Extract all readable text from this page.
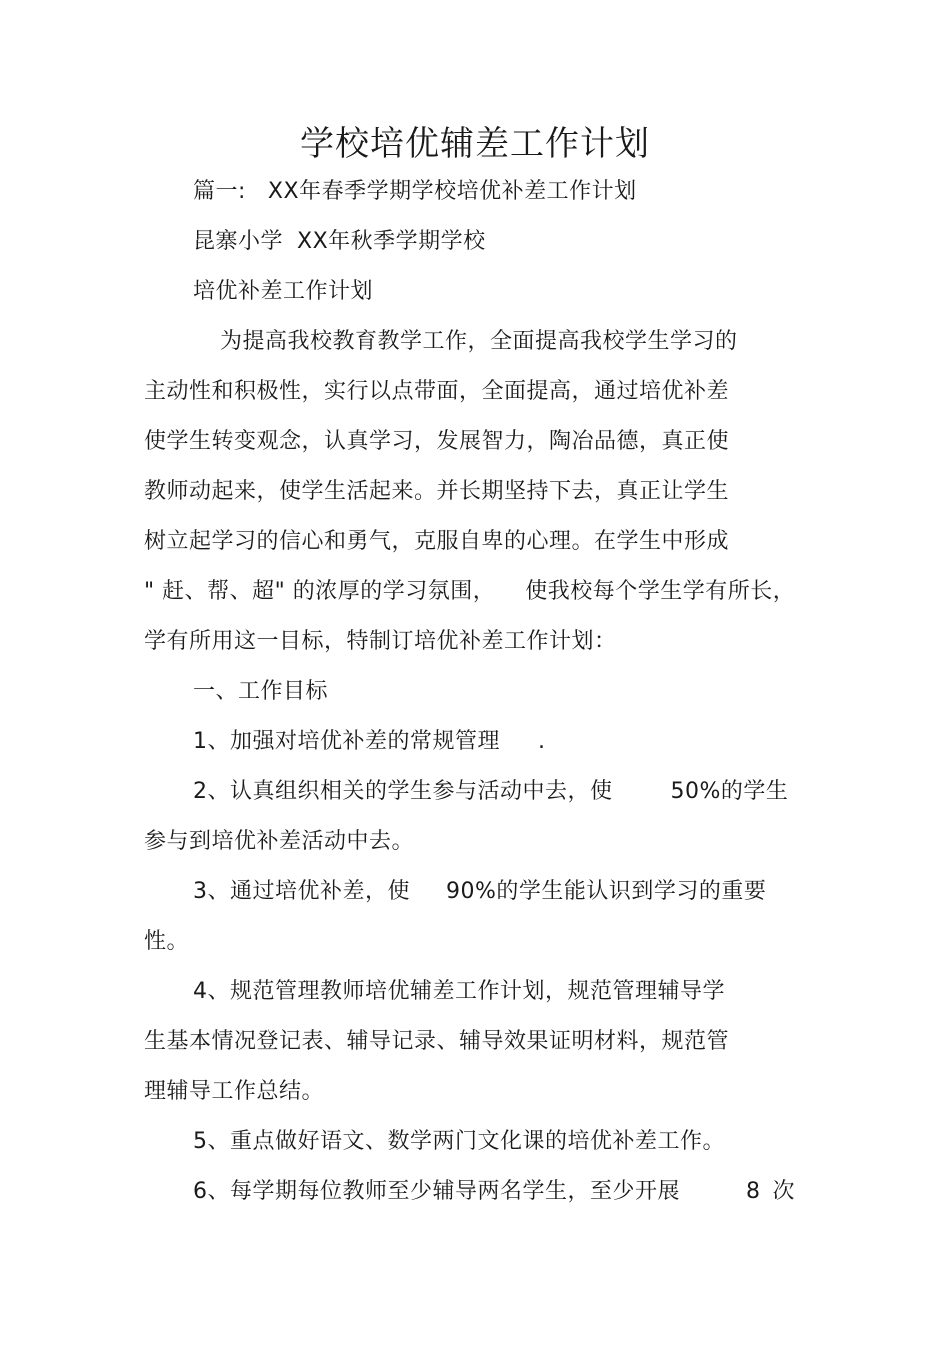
学校培优辅差工作计划
篇一: XX年春季学期学校培优补差工作计划
昆寨小学 XX年秋季学期学校
培优补差工作计划
为提高我校教育教学工作，全面提高我校学生学习的
主动性和积极性，实行以点带面，全面提高，通过培优补差
使学生转变观念，认真学习，发展智力，陶冶品德，真正使
教师动起来，使学生活起来。并长期坚持下去，真正让学生
树立起学习的信心和勇气，克服自卑的心理。在学生中形成
" 赶、帮、超" 的浓厚的学习氛围， 使我校每个学生学有所长，
学有所用这一目标，特制订培优补差工作计划：
一、工作目标
1、加强对培优补差的常规管理 .
2、认真组织相关的学生参与活动中去，使	50%的学生
参与到培优补差活动中去。
3、通过培优补差，使 90%的学生能认识到学习的重要
性。
4、规范管理教师培优辅差工作计划，规范管理辅导学
生基本情况登记表、辅导记录、辅导效果证明材料，规范管
理辅导工作总结。
5、重点做好语文、数学两门文化课的培优补差工作。
6、每学期每位教师至少辅导两名学生，至少开展	8 次
